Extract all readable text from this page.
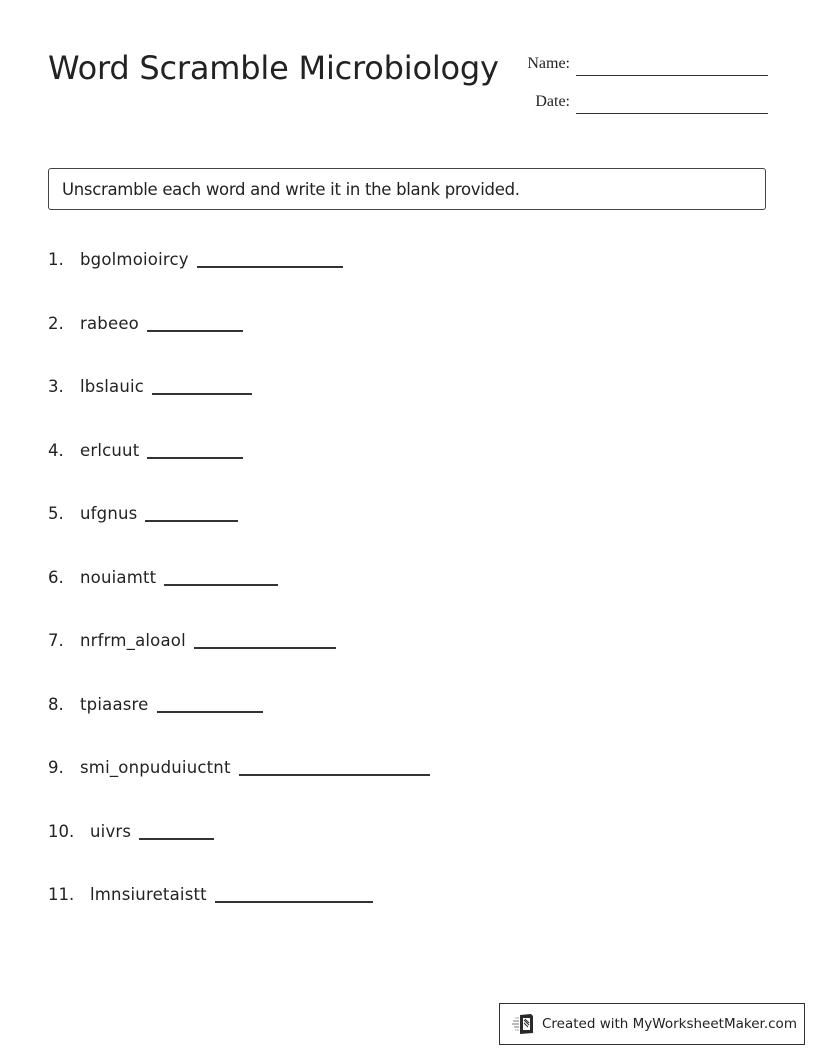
Word Scramble Microbiology	Name:
Date:
Unscramble each word and write it in the blank provided.
1. bgolmoioircy
2. rabeeo
3. lbslauic
4. erlcuut
5. ufgnus
6. nouiamtt
7. nrfrm_aloaol
8. tpiaasre
9. smi_onpuduiuctnt
10. uivrs
11. lmnsiuretaistt
Created with MyWorksheetMaker.com
